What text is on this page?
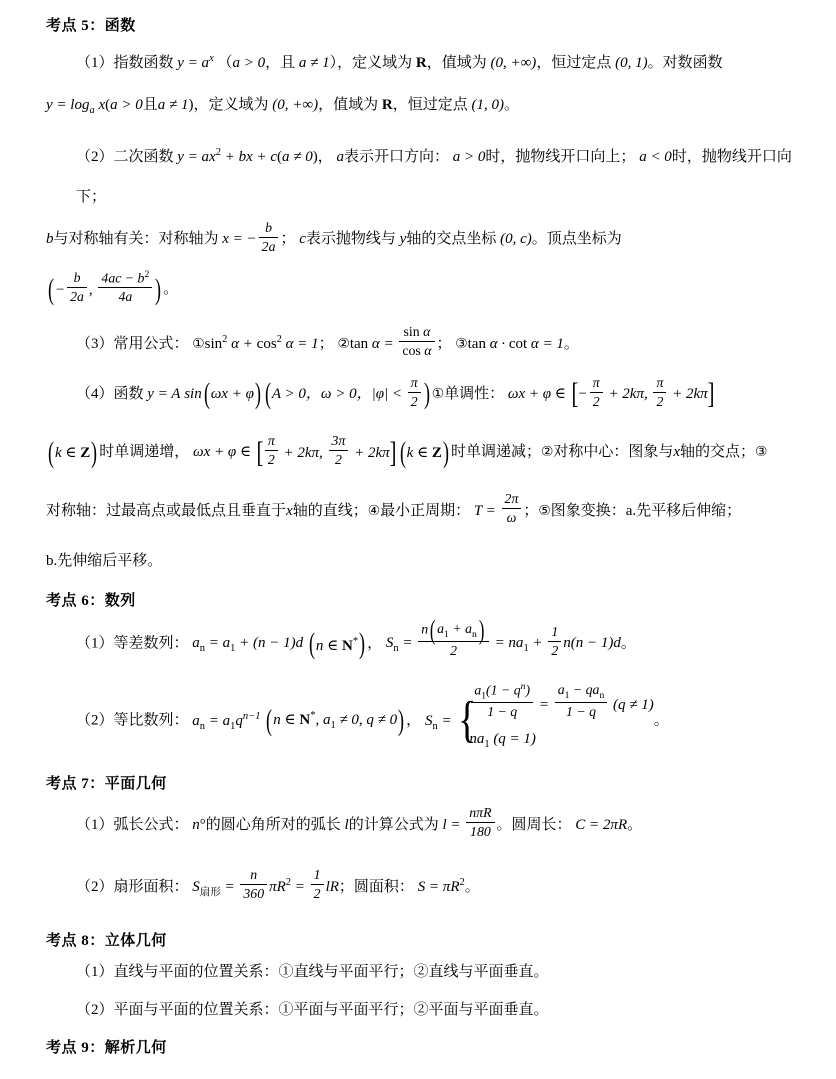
考点 5：函数
（1）指数函数 $y = a^x$ （a > 0，且 a ≠ 1），定义域为 R，值域为 (0, +∞)，恒过定点 (0, 1)。对数函数
$y = \log_a x(a > 0$且a ≠ 1)，定义域为 (0, +∞)，值域为 R，恒过定点 (1, 0)。
（2）二次函数 $y = ax^2$ + bx + c(a ≠ 0)， a表示开口方向： a > 0时，抛物线开口向上； a < 0时，抛物线开口向下；
b与对称轴有关：对称轴为 x = − $\frac{b}{2a}$ ； c表示抛物线与 y轴的交点坐标 (0, c)。顶点坐标为
( − $\frac{b}{2a}$ , $\frac{4ac - b^2}{4a}$
) 。
（3）常用公式： $①\sin^2$ $\alpha + \cos^2 \alpha = 1$； ②tan $\alpha = \frac{\text{sin α}}{\text{cos α}}$ ； ③tan α · cot α = 1。
（4）函数 y = A sin ( ωx + φ ) ( A > 0，ω > 0，$|\varphi| < \frac{\pi}{2}$
) ①单调性： ωx + φ ∈ [ − $\frac{\pi}{2} + 2k\pi$, $\frac{\pi}{2} + 2k\pi$ ]
( k ∈ Z ) 时单调递增， ωx + φ ∈ [ $\frac{\pi}{2} + 2k\pi$, $\frac{3\pi}{2} + 2k\pi$ ] ( k ∈ Z ) 时单调递减；②对称中心：图象与x轴的交点；③
对称轴：过最高点或最低点且垂直于x轴的直线；④最小正周期： $T = \frac{2\pi}{\omega}$ ；⑤图象变换：a.先平移后伸缩；
b.先伸缩后平移。
考点 6：数列
（1）等差数列： $a_n = a_1 + (n - 1)d$ ( n ∈ N* ) ， $S_n = \frac{n ( a_1 + a_n )}{2} = na_1 + \frac{1}{2} n(n - 1)d$。
（2）等比数列： $a_n = a_1q^{n-1}$ ( n ∈ N*, $a_1 \ne 0$, q ≠ 0 ) ， $S_n$ =
{ $\frac{a_1(1 - q^n)}{1 - q} = \frac{a_1 - qa_n}{1 - q} (q \ne 1)$
$na_1$ (q = 1)
。
考点 7：平面几何
（1）弧长公式： n°的圆心角所对的弧长 l的计算公式为 $l = \frac{\text{nπR}}{180}$ 。圆周长： C = 2πR。
（2）扇形面积： $S_{扇形} = \frac{n}{360} \pi R^2 = \frac{1}{2}$ lR；圆面积： $S = \pi R^2$。
考点 8：立体几何
（1）直线与平面的位置关系：①直线与平面平行；②直线与平面垂直。
（2）平面与平面的位置关系：①平面与平面平行；②平面与平面垂直。
考点 9：解析几何
